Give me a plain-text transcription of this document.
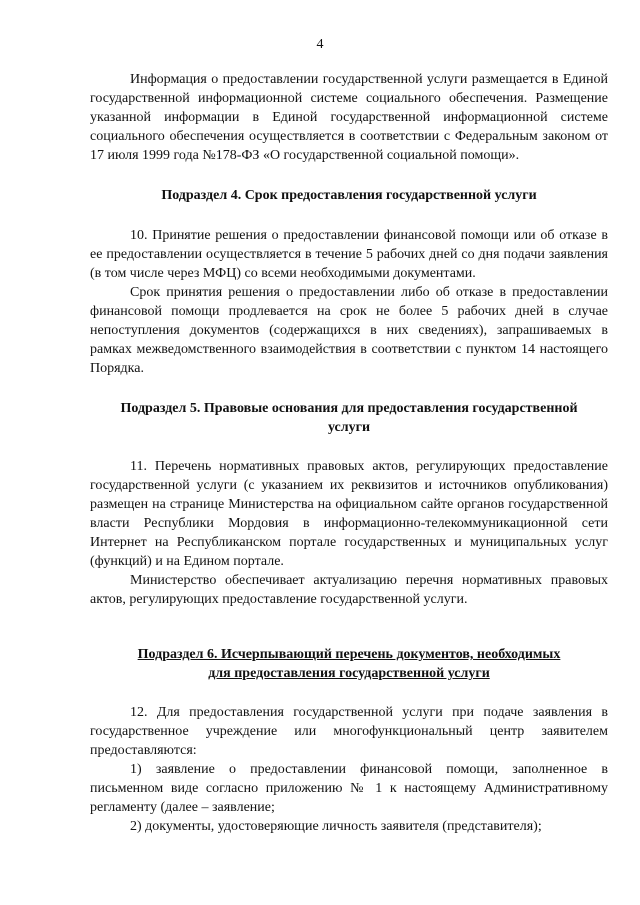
4

Информация о предоставлении государственной услуги размещается в Единой государственной информационной системе социального обеспечения. Размещение указанной информации в Единой государственной информационной системе социального обеспечения осуществляется в соответствии с Федеральным законом от 17 июля 1999 года №178-ФЗ «О государственной социальной помощи».

Подраздел 4. Срок предоставления государственной услуги

10. Принятие решения о предоставлении финансовой помощи или об отказе в ее предоставлении осуществляется в течение 5 рабочих дней со дня подачи заявления (в том числе через МФЦ) со всеми необходимыми документами.

Срок принятия решения о предоставлении либо об отказе в предоставлении финансовой помощи продлевается на срок не более 5 рабочих дней в случае непоступления документов (содержащихся в них сведениях), запрашиваемых в рамках межведомственного взаимодействия в соответствии с пунктом 14 настоящего Порядка.

Подраздел 5. Правовые основания для предоставления государственной
услуги

11. Перечень нормативных правовых актов, регулирующих предоставление государственной услуги (с указанием их реквизитов и источников опубликования) размещен на странице Министерства на официальном сайте органов государственной власти Республики Мордовия в информационно-телекоммуникационной сети Интернет на Республиканском портале государственных и муниципальных услуг (функций) и на Едином портале.

Министерство обеспечивает актуализацию перечня нормативных правовых актов, регулирующих предоставление государственной услуги.

Подраздел 6. Исчерпывающий перечень документов, необходимых
для предоставления государственной услуги

12. Для предоставления государственной услуги при подаче заявления в государственное учреждение или многофункциональный центр заявителем предоставляются:

1) заявление о предоставлении финансовой помощи, заполненное в письменном виде согласно приложению № 1 к настоящему Административному регламенту (далее – заявление;

2) документы, удостоверяющие личность заявителя (представителя);
